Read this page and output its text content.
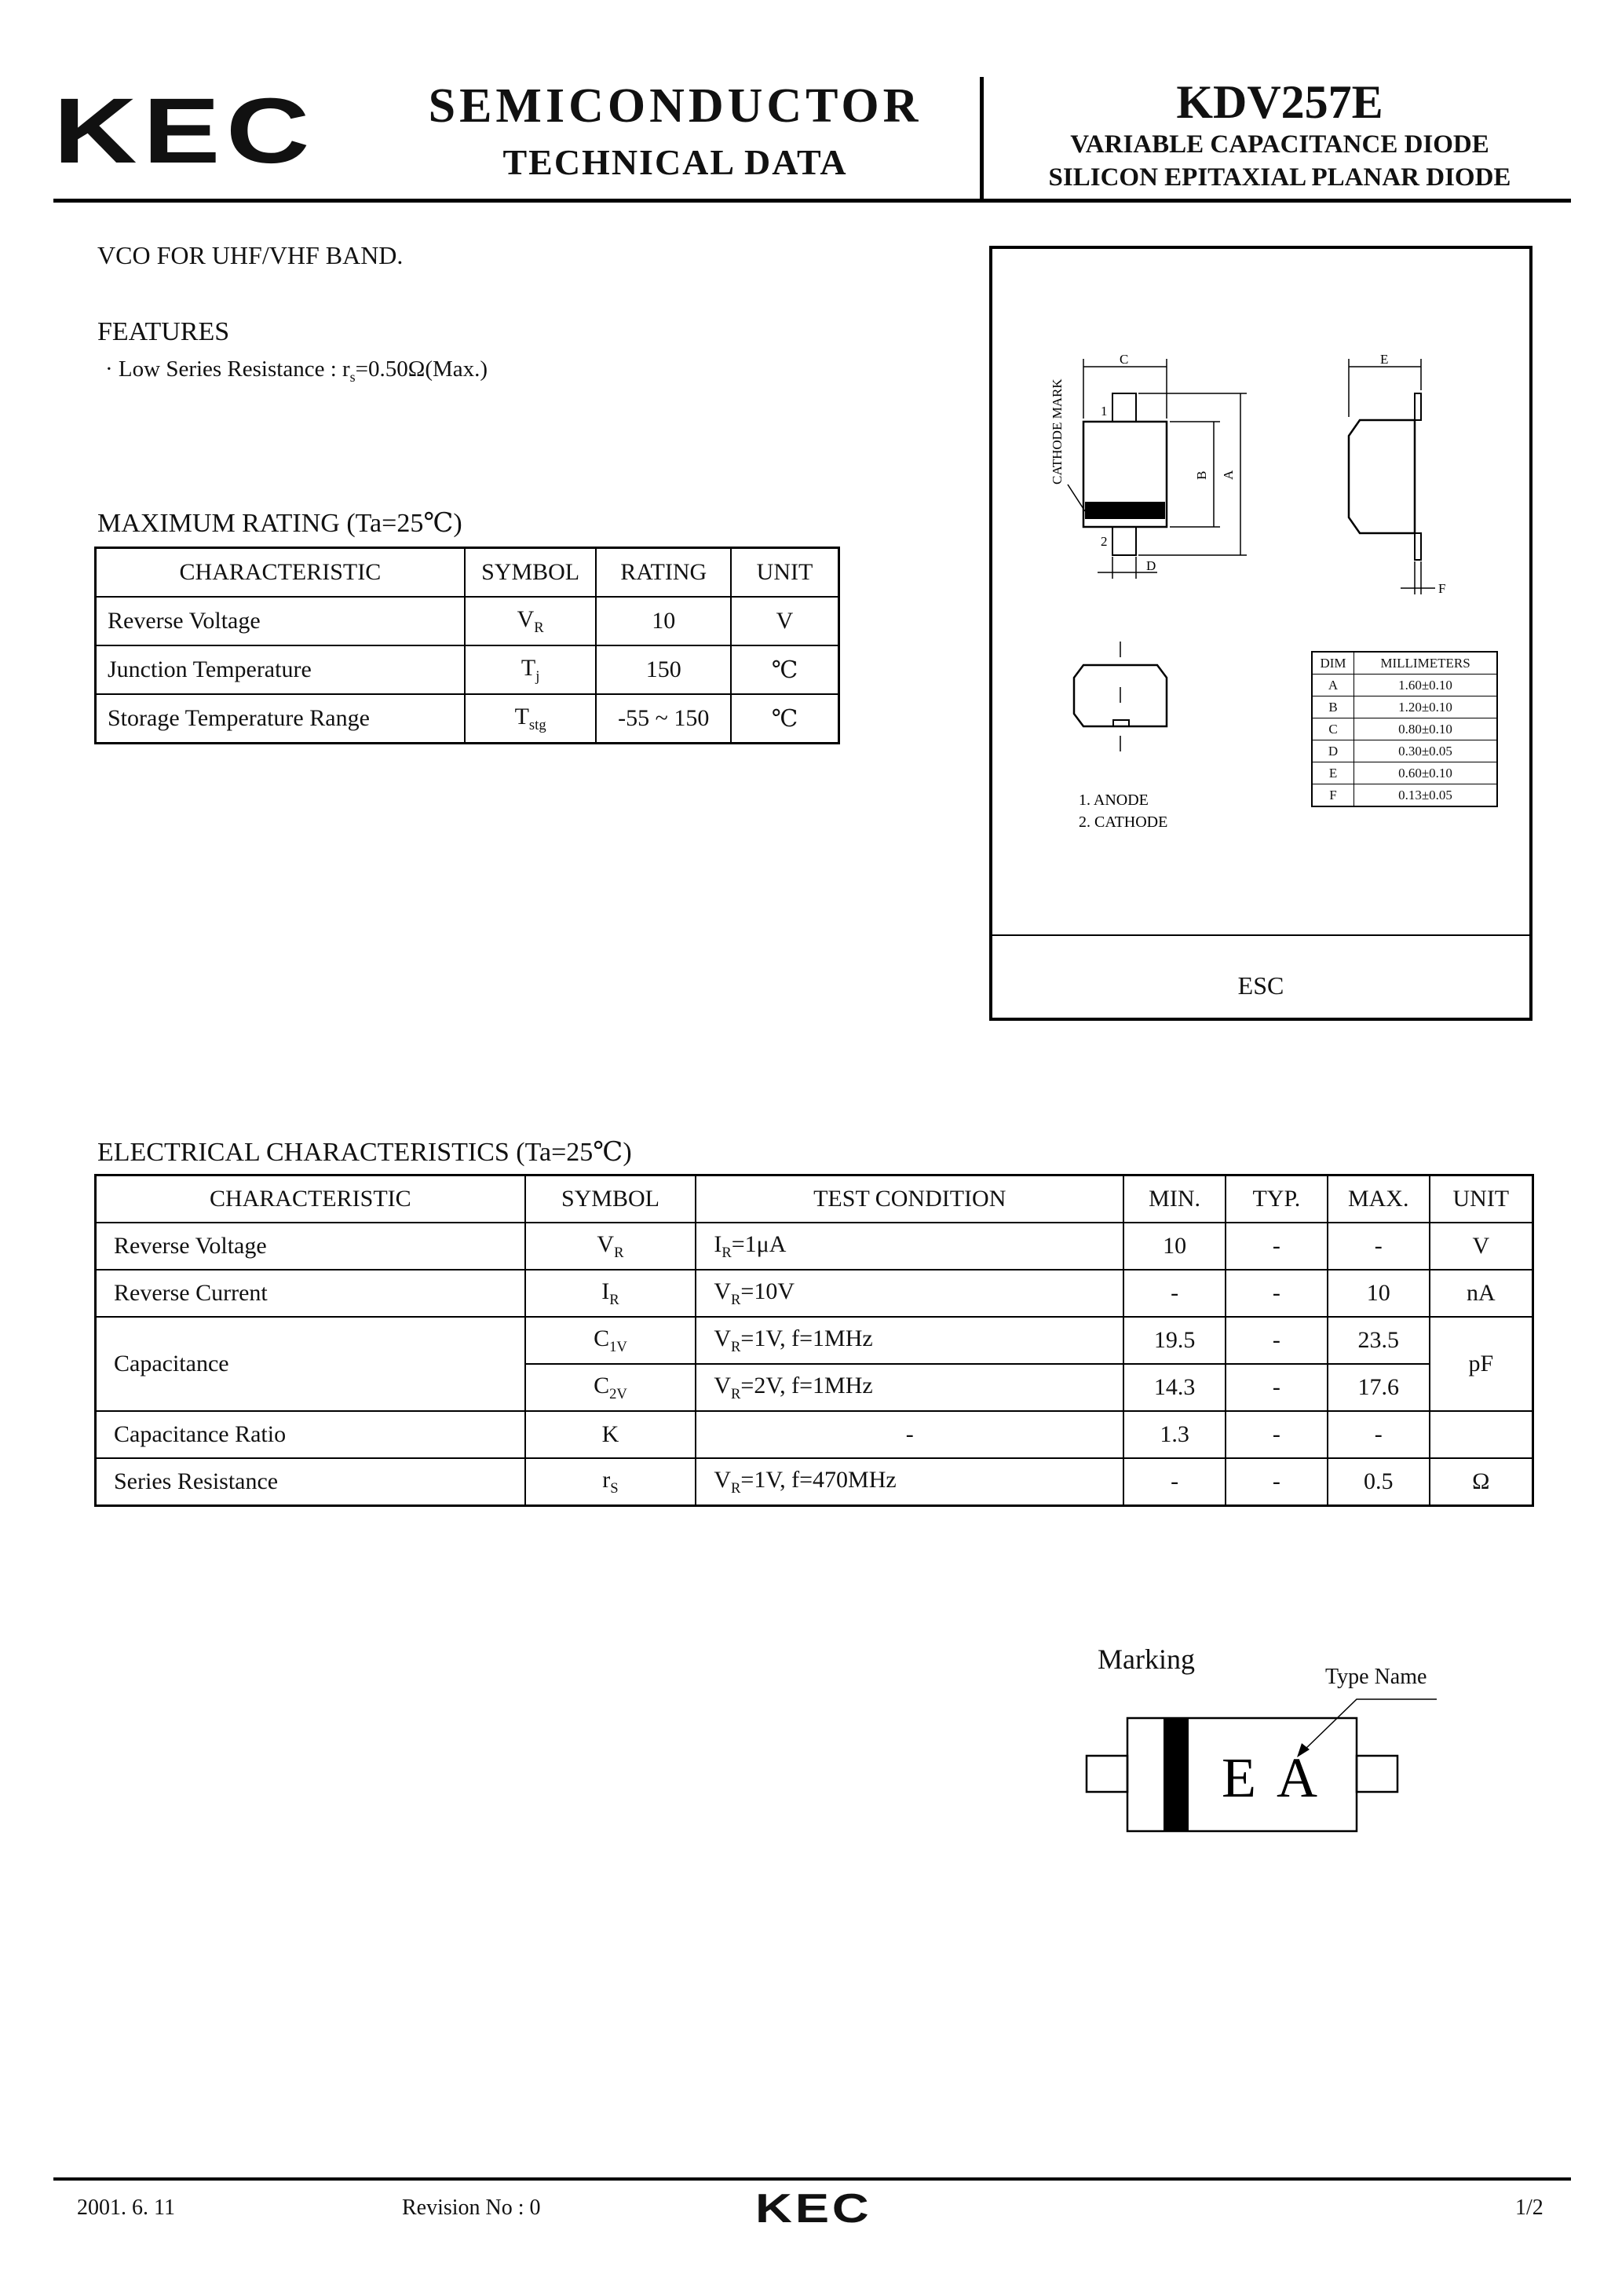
KEC	SEMICONDUCTOR
TECHNICAL DATA
KDV257E
VARIABLE CAPACITANCE DIODE
SILICON EPITAXIAL PLANAR DIODE
VCO FOR UHF/VHF BAND.
FEATURES
· Low Series Resistance : $r_s=0.50\Omega(Max.)$
MAXIMUM RATING (Ta=25℃)
CHARACTERISTIC	SYMBOL	RATING	UNIT
Reverse Voltage	$V_R$	10	V
Junction Temperature	$T_j$	150	℃
Storage Temperature Range	$T_{stg}$	-55 ~ 150	℃
CATHODE MARK	1
2
C
B A
D
E
F
1. ANODE
2. CATHODE
DIM	MILLIMETERS
A	1.60±0.10
B	1.20±0.10
C	0.80±0.10
D	0.30±0.05
E	0.60±0.10
F	0.13±0.05
ESC
ELECTRICAL CHARACTERISTICS (Ta=25℃)
CHARACTERISTIC	SYMBOL	TEST CONDITION	MIN.	TYP.	MAX.	UNIT
Reverse Voltage	$V_R$	$I_R=1\mu A$	10	-	-	V
Reverse Current	$I_R$	$V_R=10V$	-	-	10	nA
Capacitance	$C_{1V}$	$V_R=1V$, f=1MHz	19.5	-	23.5	pF
	$C_{2V}$	$V_R=2V$, f=1MHz	14.3	-	17.6	
Capacitance Ratio	K	-	1.3	-	-	
Series Resistance	$r_S$	$V_R=1V$, f=470MHz	-	-	0.5	Ω
Marking
Type Name
E A
2001. 6. 11	Revision No : 0	KEC	1/2
